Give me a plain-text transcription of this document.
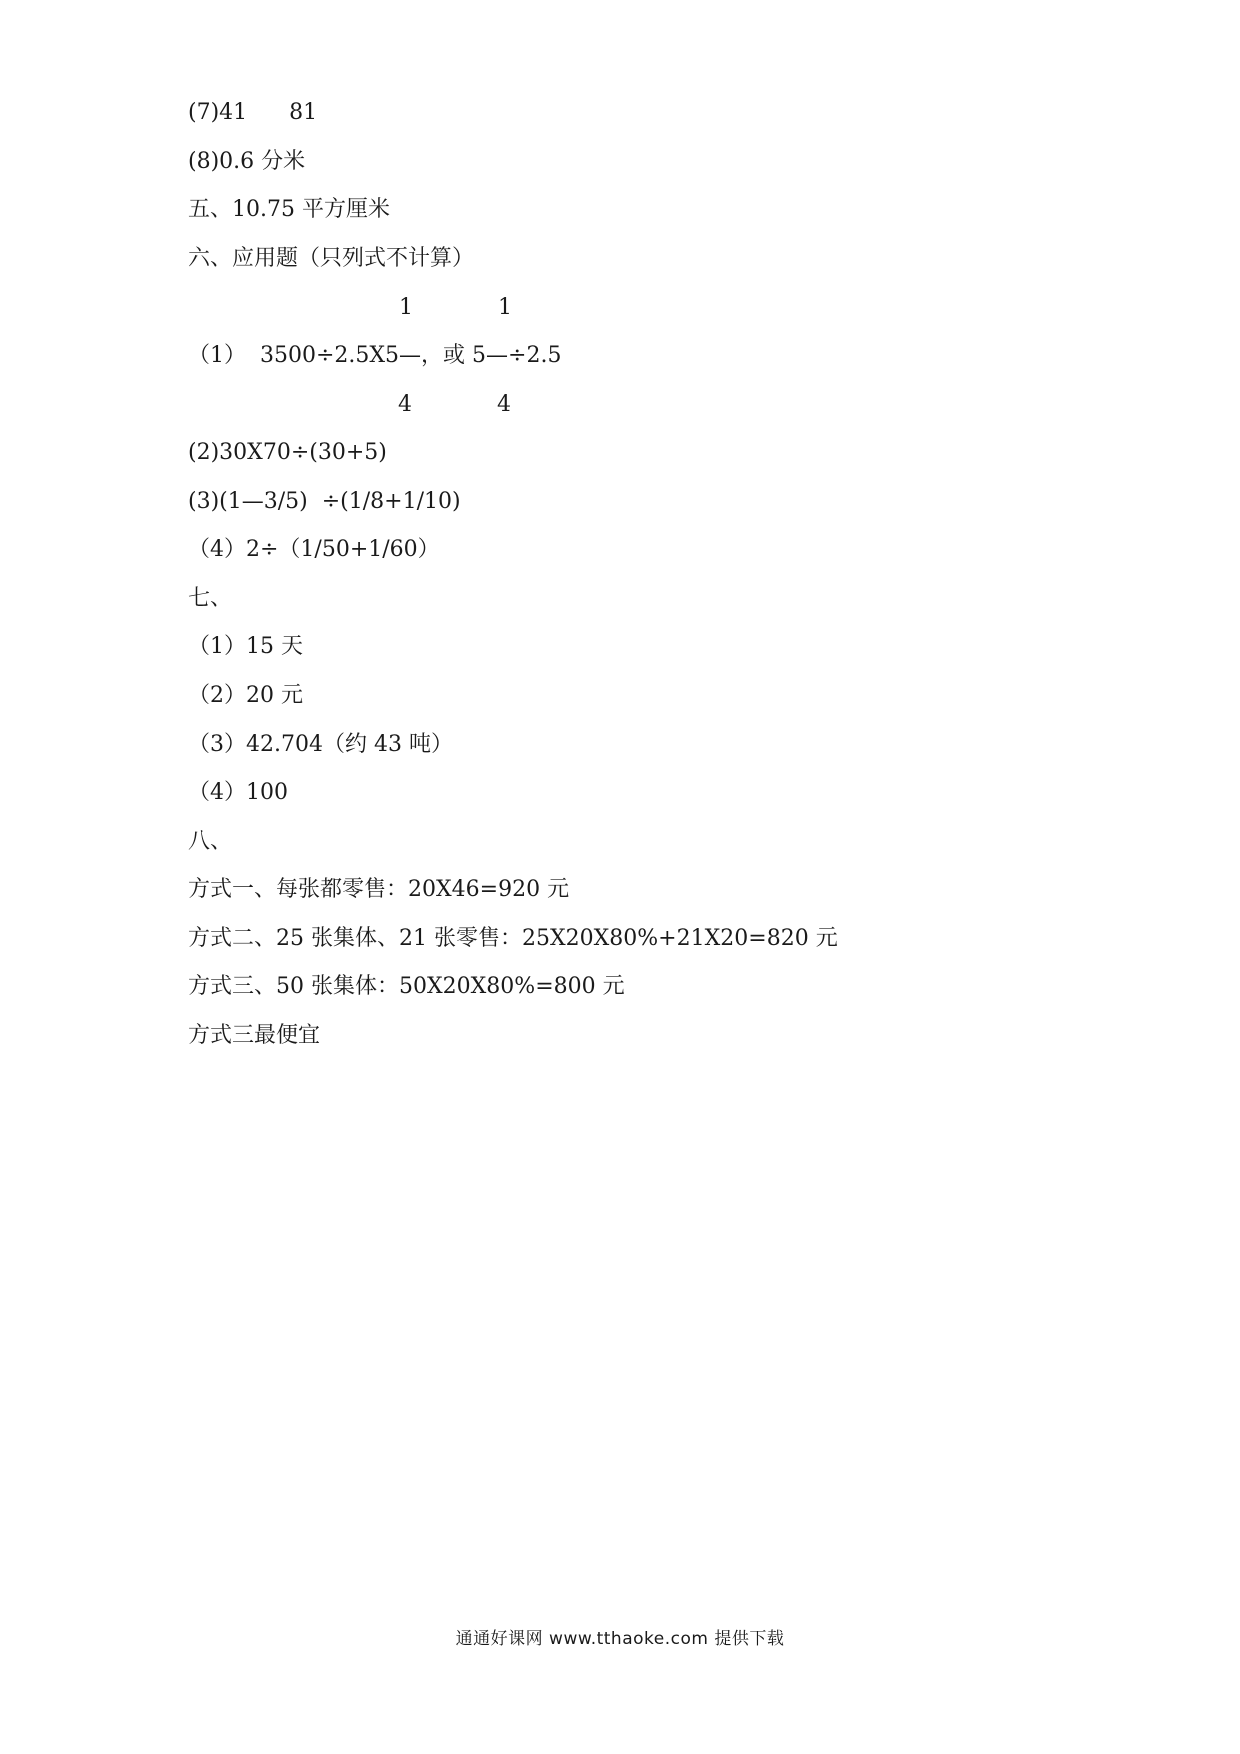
(7)41      81
(8)0.6 分米
五、10.75 平方厘米
六、应用题（只列式不计算）
1	1
（1）  3500÷2.5X5—，或 5—÷2.5
4	4
(2)30X70÷(30+5)
(3)(1—3/5)  ÷(1/8+1/10)
（4）2÷（1/50+1/60）
七、
（1）15 天
（2）20 元
（3）42.704（约 43 吨）
（4）100
八、
方式一、每张都零售：20X46=920 元
方式二、25 张集体、21 张零售：25X20X80%+21X20=820 元
方式三、50 张集体：50X20X80%=800 元
方式三最便宜
通通好课网 www.tthaoke.com 提供下载
